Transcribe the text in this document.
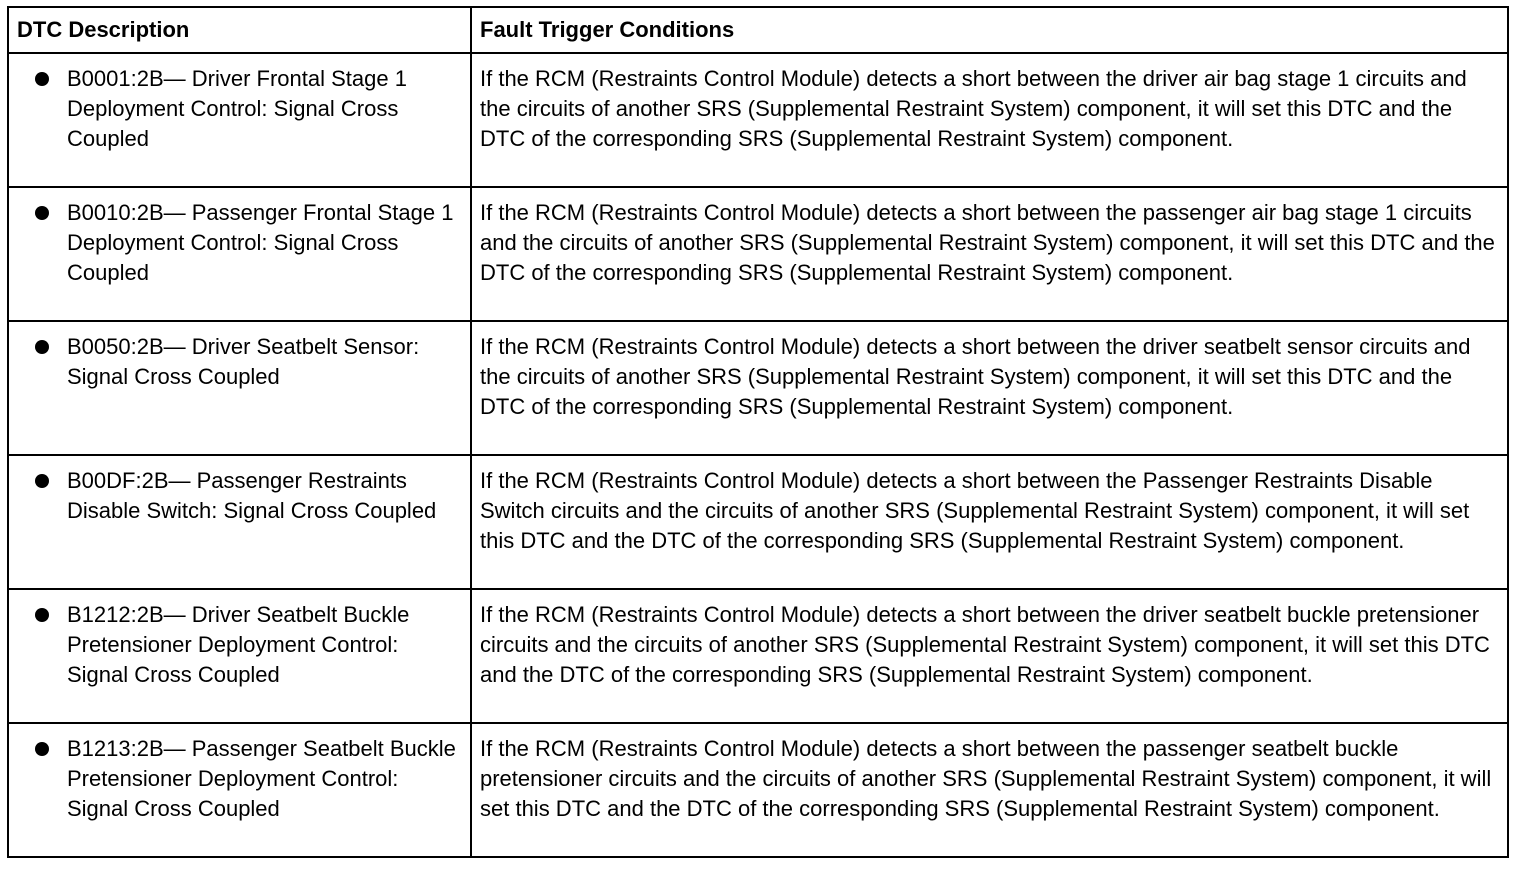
DTC Description	Fault Trigger Conditions

B0001:2B— Driver Frontal Stage 1 Deployment Control: Signal Cross Coupled	If the RCM (Restraints Control Module) detects a short between the driver air bag stage 1 circuits and the circuits of another SRS (Supplemental Restraint System) component, it will set this DTC and the DTC of the corresponding SRS (Supplemental Restraint System) component.

B0010:2B— Passenger Frontal Stage 1 Deployment Control: Signal Cross Coupled	If the RCM (Restraints Control Module) detects a short between the passenger air bag stage 1 circuits and the circuits of another SRS (Supplemental Restraint System) component, it will set this DTC and the DTC of the corresponding SRS (Supplemental Restraint System) component.

B0050:2B— Driver Seatbelt Sensor: Signal Cross Coupled	If the RCM (Restraints Control Module) detects a short between the driver seatbelt sensor circuits and the circuits of another SRS (Supplemental Restraint System) component, it will set this DTC and the DTC of the corresponding SRS (Supplemental Restraint System) component.

B00DF:2B— Passenger Restraints Disable Switch: Signal Cross Coupled	If the RCM (Restraints Control Module) detects a short between the Passenger Restraints Disable Switch circuits and the circuits of another SRS (Supplemental Restraint System) component, it will set this DTC and the DTC of the corresponding SRS (Supplemental Restraint System) component.

B1212:2B— Driver Seatbelt Buckle Pretensioner Deployment Control: Signal Cross Coupled	If the RCM (Restraints Control Module) detects a short between the driver seatbelt buckle pretensioner circuits and the circuits of another SRS (Supplemental Restraint System) component, it will set this DTC and the DTC of the corresponding SRS (Supplemental Restraint System) component.

B1213:2B— Passenger Seatbelt Buckle Pretensioner Deployment Control: Signal Cross Coupled	If the RCM (Restraints Control Module) detects a short between the passenger seatbelt buckle pretensioner circuits and the circuits of another SRS (Supplemental Restraint System) component, it will set this DTC and the DTC of the corresponding SRS (Supplemental Restraint System) component.
